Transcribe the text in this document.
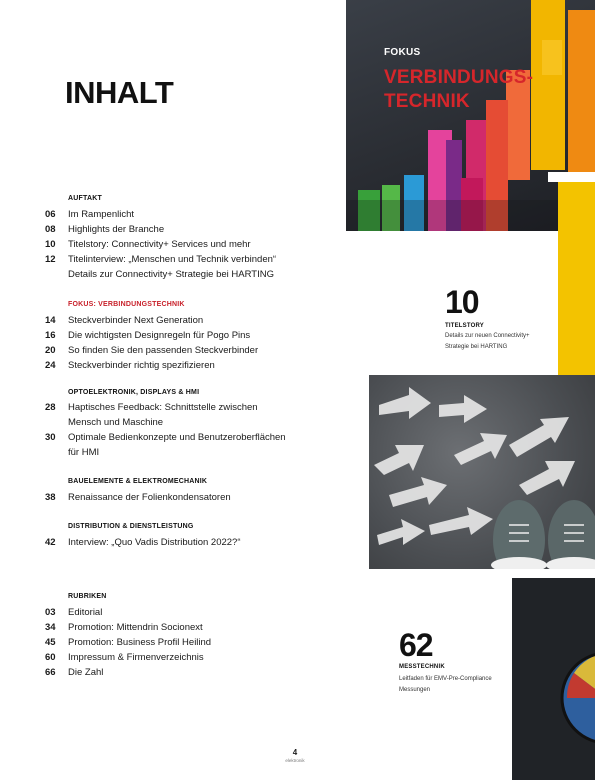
FOKUS
VERBINDUNGS-
TECHNIK
INHALT
AUFTAKT
FOKUS: VERBINDUNGSTECHNIK
OPTOELEKTRONIK, DISPLAYS & HMI
BAUELEMENTE & ELEKTROMECHANIK
DISTRIBUTION & DIENSTLEISTUNG
RUBRIKEN
06	Im Rampenlicht
08	Highlights der Branche
10	Titelstory: Connectivity+ Services und mehr
12	Titelinterview: „Menschen und Technik verbinden“
Details zur Connectivity+ Strategie bei HARTING
14	Steckverbinder Next Generation
16	Die wichtigsten Designregeln für Pogo Pins
20	So finden Sie den passenden Steckverbinder
24	Steckverbinder richtig spezifizieren
28	Haptisches Feedback: Schnittstelle zwischen
Mensch und Maschine
30	Optimale Bedienkonzepte und Benutzeroberflächen
für HMI
38	Renaissance der Folienkondensatoren
42	Interview: „Quo Vadis Distribution 2022?“
03	Editorial
34	Promotion: Mittendrin Socionext
45	Promotion: Business Profil Heilind
60	Impressum & Firmenverzeichnis
66	Die Zahl
10
TITELSTORY
Details zur neuen Connectivity+
Strategie bei HARTING
62
MESSTECHNIK
Leitfaden für EMV-Pre-Compliance
Messungen
4
elektronik
